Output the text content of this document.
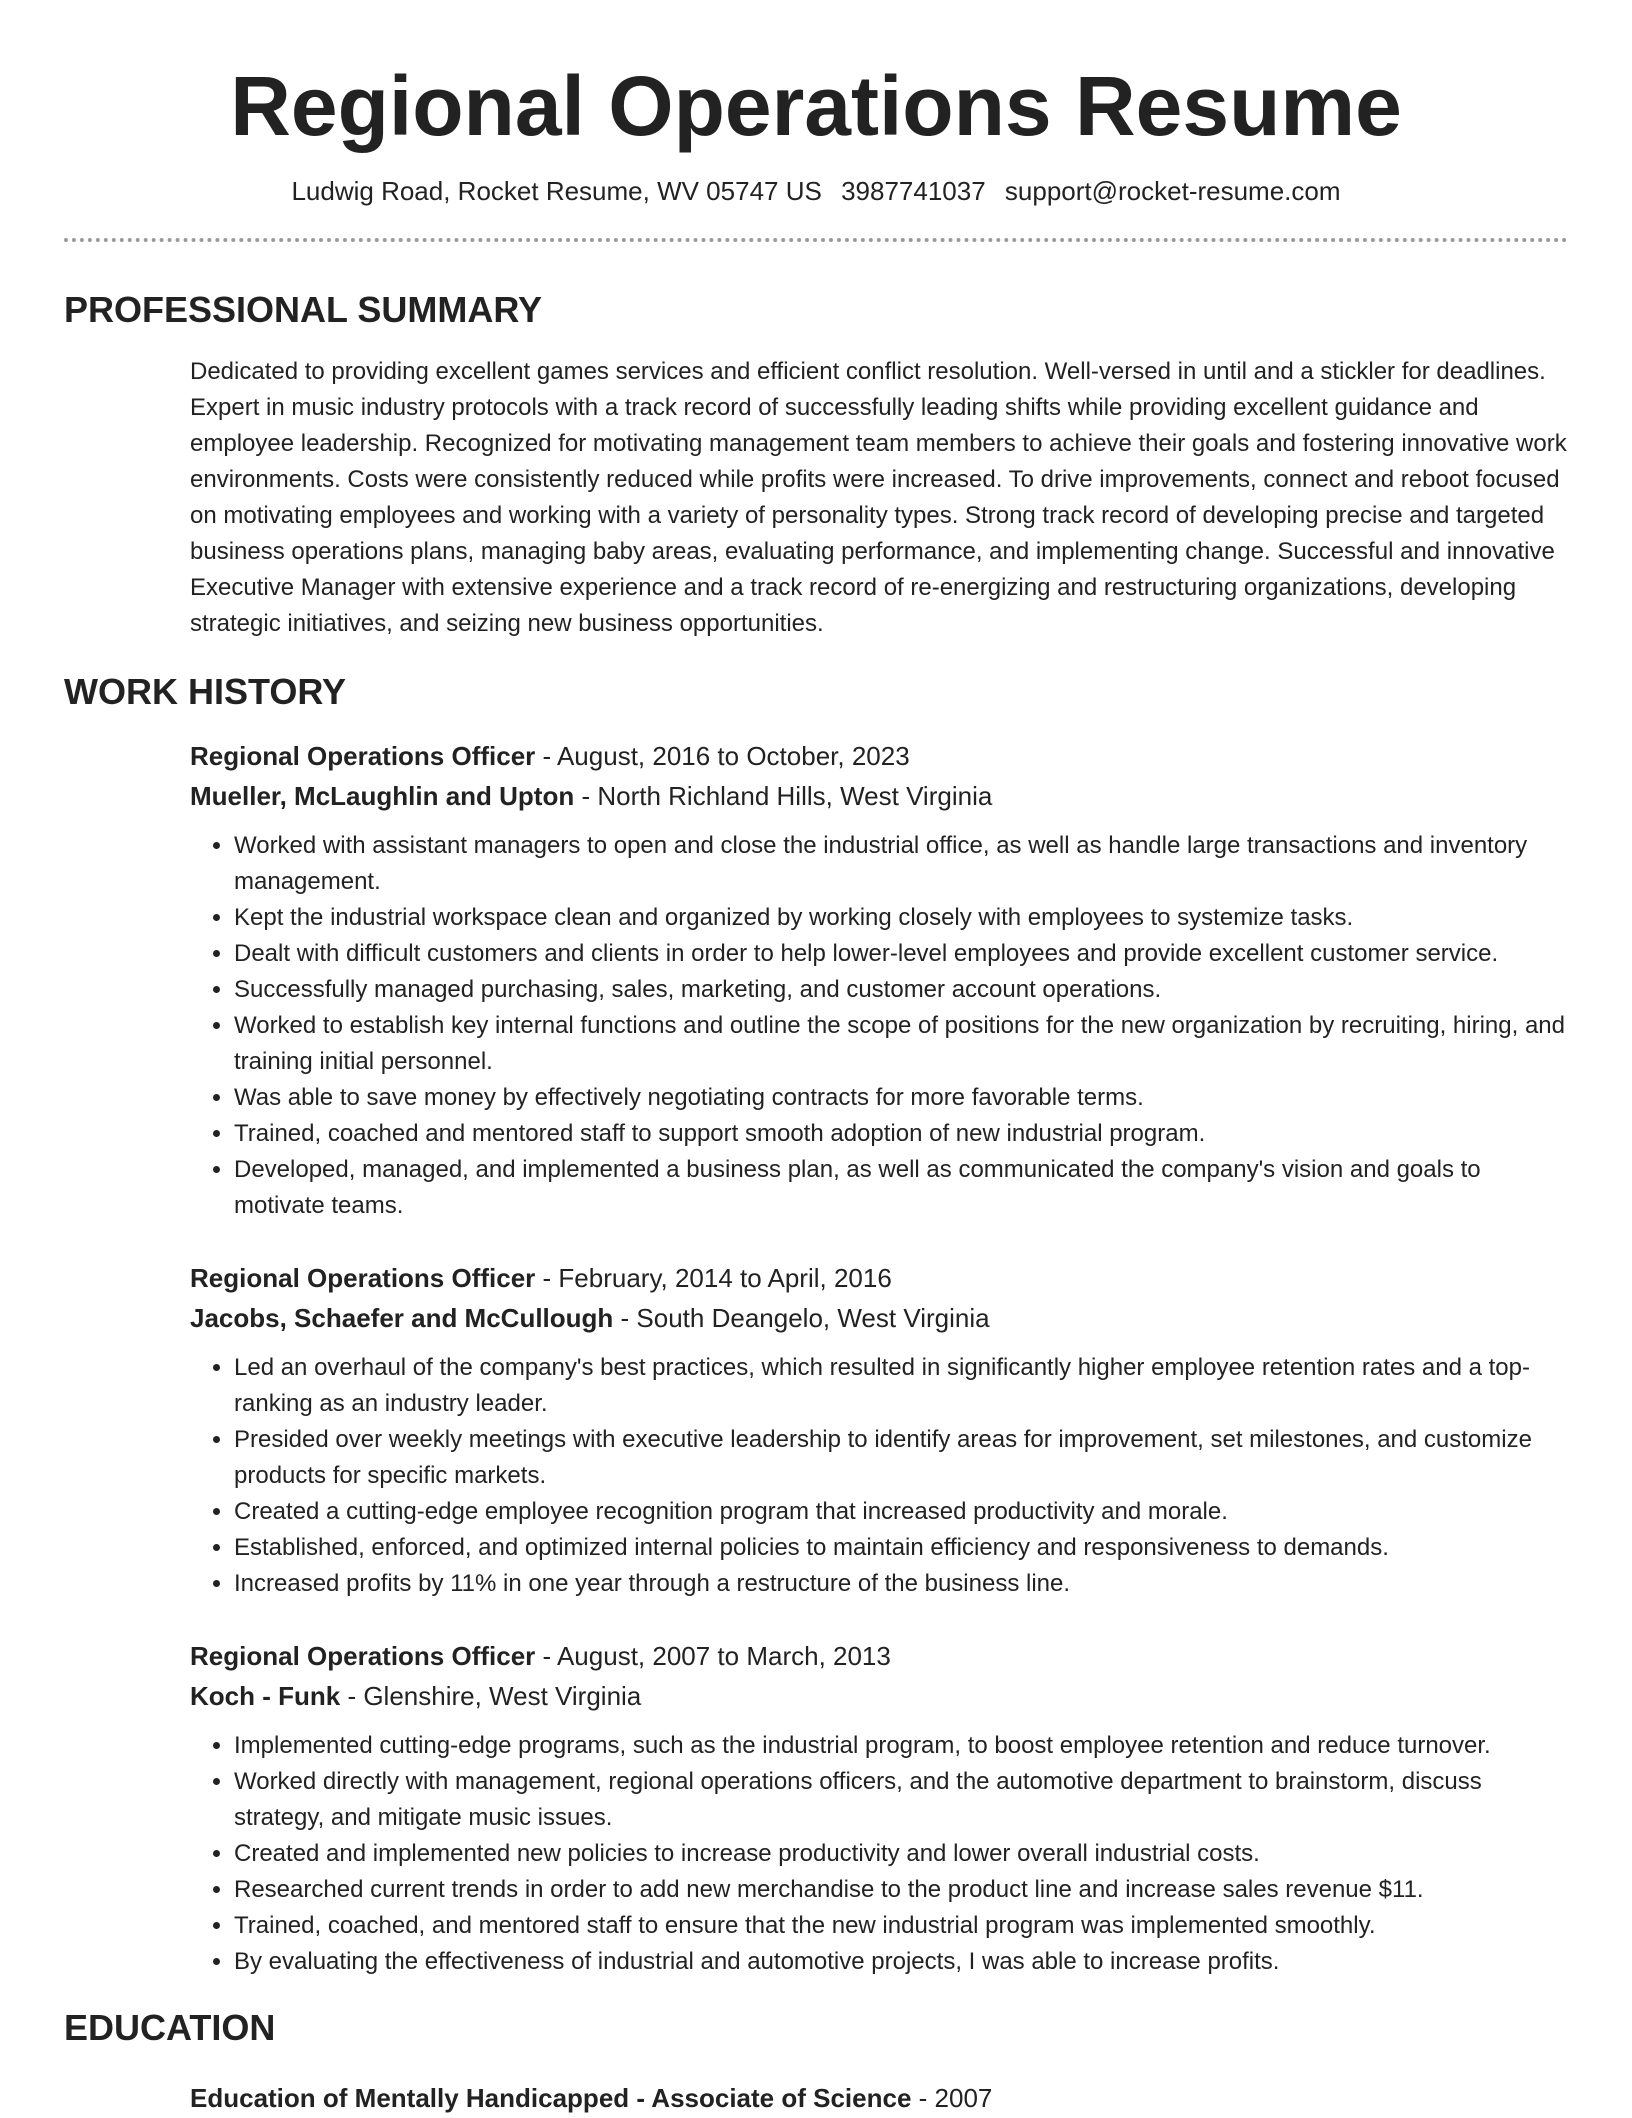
Regional Operations Resume
Ludwig Road, Rocket Resume, WV 05747 US 3987741037 support@rocket-resume.com
PROFESSIONAL SUMMARY

Dedicated to providing excellent games services and efficient conflict resolution. Well-versed in until and a stickler for deadlines. Expert in music industry protocols with a track record of successfully leading shifts while providing excellent guidance and employee leadership. Recognized for motivating management team members to achieve their goals and fostering innovative work environments. Costs were consistently reduced while profits were increased. To drive improvements, connect and reboot focused on motivating employees and working with a variety of personality types. Strong track record of developing precise and targeted business operations plans, managing baby areas, evaluating performance, and implementing change. Successful and innovative Executive Manager with extensive experience and a track record of re-energizing and restructuring organizations, developing strategic initiatives, and seizing new business opportunities.

WORK HISTORY
Regional Operations Officer - August, 2016 to October, 2023
Mueller, McLaughlin and Upton - North Richland Hills, West Virginia
• Worked with assistant managers to open and close the industrial office, as well as handle large transactions and inventory management.
• Kept the industrial workspace clean and organized by working closely with employees to systemize tasks.
• Dealt with difficult customers and clients in order to help lower-level employees and provide excellent customer service.
• Successfully managed purchasing, sales, marketing, and customer account operations.
• Worked to establish key internal functions and outline the scope of positions for the new organization by recruiting, hiring, and training initial personnel.
• Was able to save money by effectively negotiating contracts for more favorable terms.
• Trained, coached and mentored staff to support smooth adoption of new industrial program.
• Developed, managed, and implemented a business plan, as well as communicated the company's vision and goals to motivate teams.
Regional Operations Officer - February, 2014 to April, 2016
Jacobs, Schaefer and McCullough - South Deangelo, West Virginia
• Led an overhaul of the company's best practices, which resulted in significantly higher employee retention rates and a top-ranking as an industry leader.
• Presided over weekly meetings with executive leadership to identify areas for improvement, set milestones, and customize products for specific markets.
• Created a cutting-edge employee recognition program that increased productivity and morale.
• Established, enforced, and optimized internal policies to maintain efficiency and responsiveness to demands.
• Increased profits by 11% in one year through a restructure of the business line.
Regional Operations Officer - August, 2007 to March, 2013
Koch - Funk - Glenshire, West Virginia
• Implemented cutting-edge programs, such as the industrial program, to boost employee retention and reduce turnover.
• Worked directly with management, regional operations officers, and the automotive department to brainstorm, discuss strategy, and mitigate music issues.
• Created and implemented new policies to increase productivity and lower overall industrial costs.
• Researched current trends in order to add new merchandise to the product line and increase sales revenue $11.
• Trained, coached, and mentored staff to ensure that the new industrial program was implemented smoothly.
• By evaluating the effectiveness of industrial and automotive projects, I was able to increase profits.
EDUCATION
Education of Mentally Handicapped - Associate of Science - 2007
